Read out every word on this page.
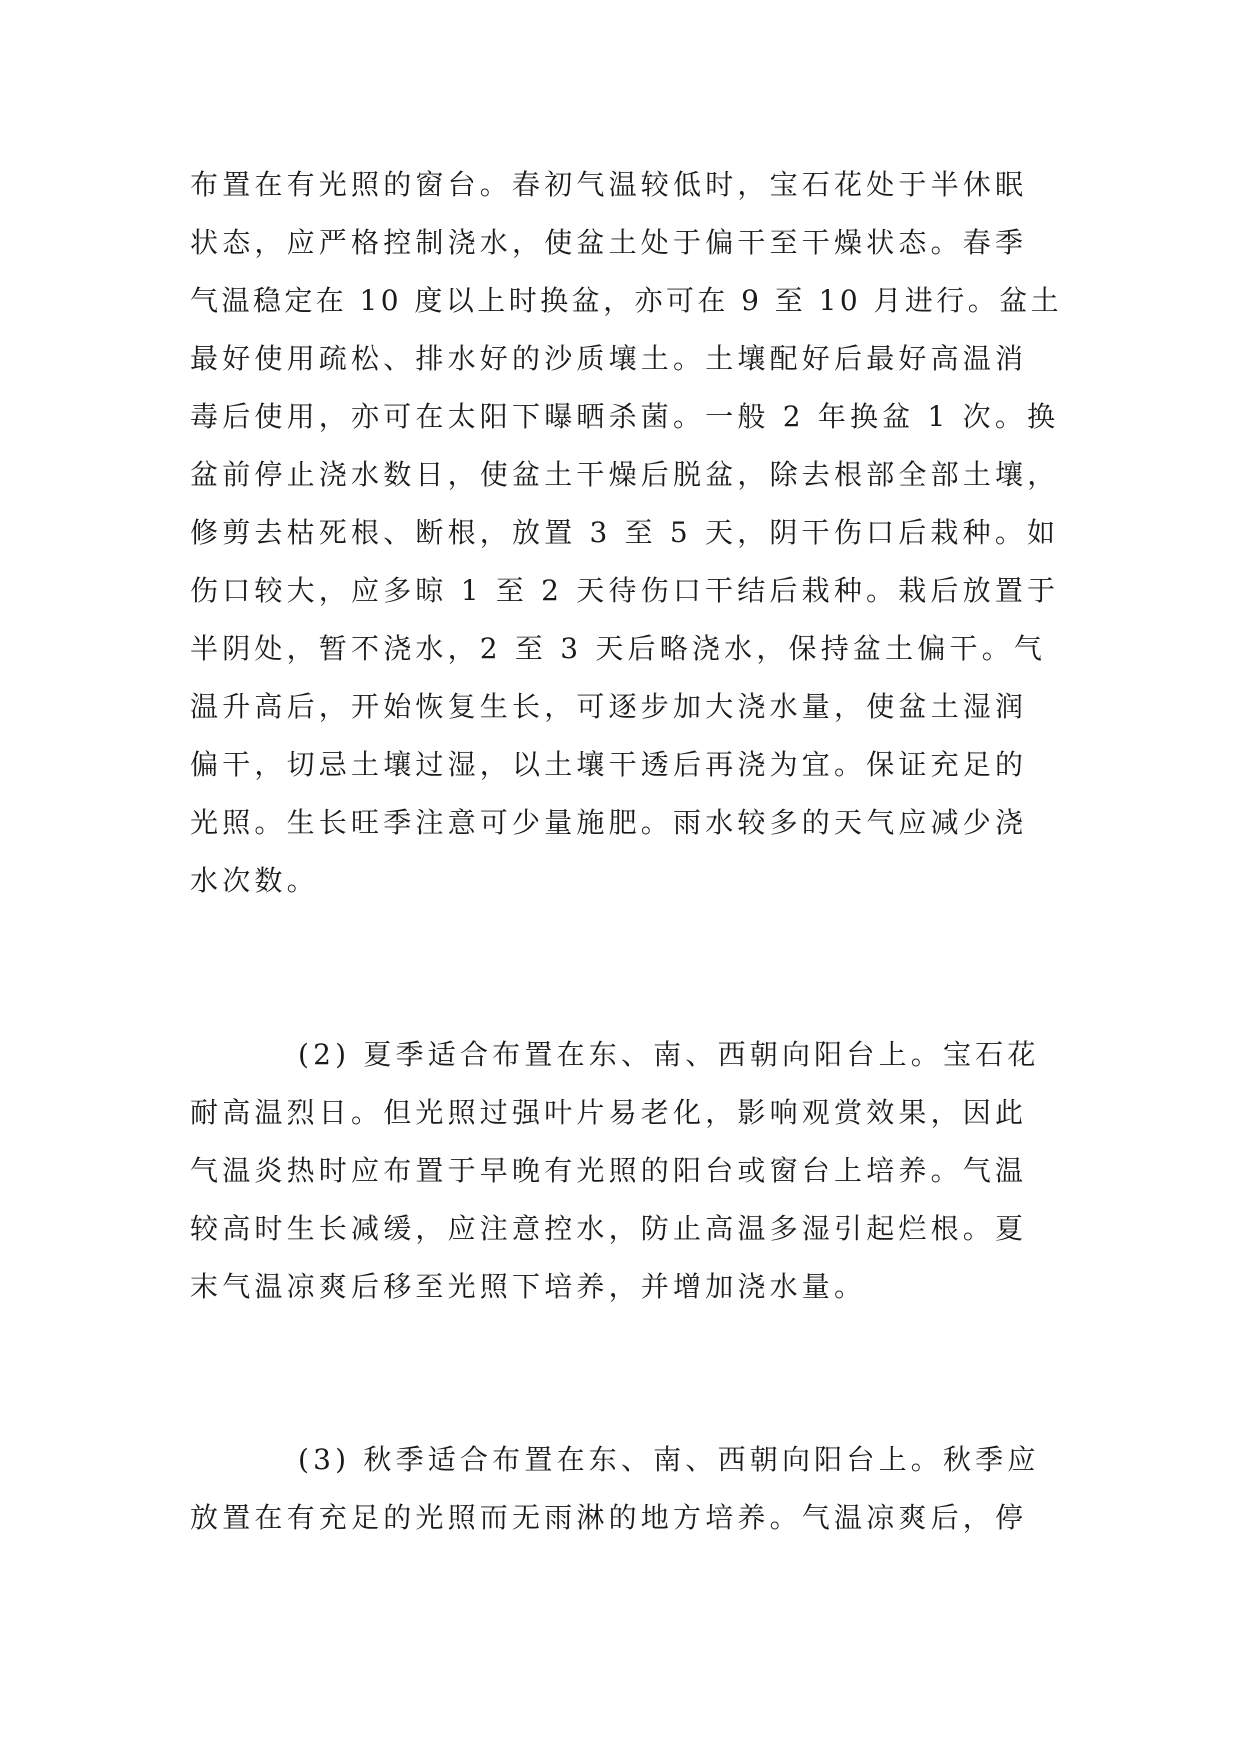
布置在有光照的窗台。春初气温较低时，宝石花处于半休眠
状态，应严格控制浇水，使盆土处于偏干至干燥状态。春季
气温稳定在 10 度以上时换盆，亦可在 9 至 10 月进行。盆土
最好使用疏松、排水好的沙质壤土。土壤配好后最好高温消
毒后使用，亦可在太阳下曝晒杀菌。一般 2 年换盆 1 次。换
盆前停止浇水数日，使盆土干燥后脱盆，除去根部全部土壤，
修剪去枯死根、断根，放置 3 至 5 天，阴干伤口后栽种。如
伤口较大，应多晾 1 至 2 天待伤口干结后栽种。栽后放置于
半阴处，暂不浇水，2 至 3 天后略浇水，保持盆土偏干。气
温升高后，开始恢复生长，可逐步加大浇水量，使盆土湿润
偏干，切忌土壤过湿，以土壤干透后再浇为宜。保证充足的
光照。生长旺季注意可少量施肥。雨水较多的天气应减少浇
水次数。
(2) 夏季适合布置在东、南、西朝向阳台上。宝石花
耐高温烈日。但光照过强叶片易老化，影响观赏效果，因此
气温炎热时应布置于早晚有光照的阳台或窗台上培养。气温
较高时生长减缓，应注意控水，防止高温多湿引起烂根。夏
末气温凉爽后移至光照下培养，并增加浇水量。
(3) 秋季适合布置在东、南、西朝向阳台上。秋季应
放置在有充足的光照而无雨淋的地方培养。气温凉爽后，停
